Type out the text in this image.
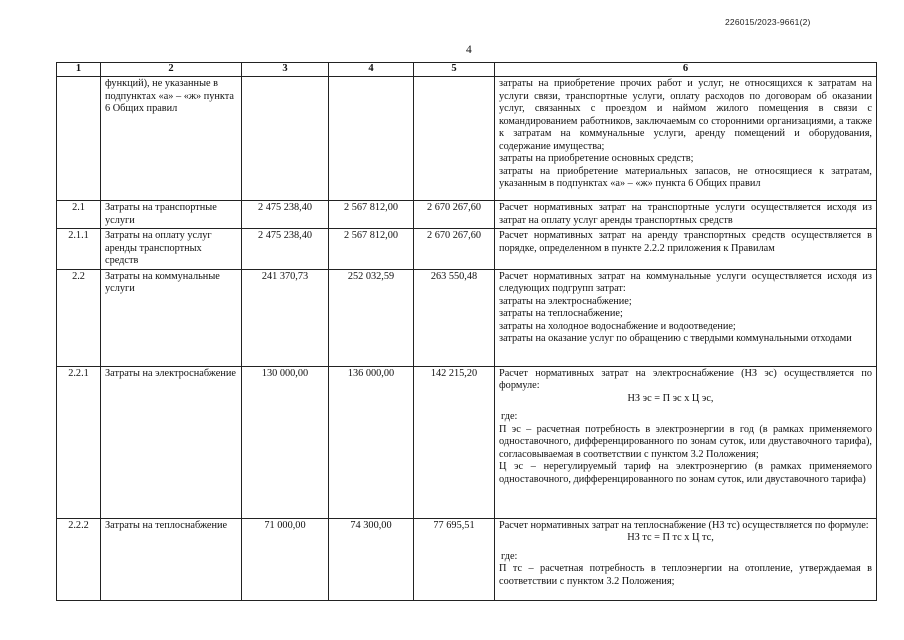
226015/2023-9661(2)
4
1	2	3	4	5	6
	функций), не указанные в подпунктах «а» – «ж» пункта 6 Общих правил				затраты на приобретение прочих работ и услуг, не относящихся к затратам на услуги связи, транспортные услуги, оплату расходов по договорам об оказании услуг, связанных с проездом и наймом жилого помещения в связи с командированием работников, заключаемым со сторонними организациями, а также к затратам на коммунальные услуги, аренду помещений и оборудования, содержание имущества;
затраты на приобретение основных средств;
затраты на приобретение материальных запасов, не относящиеся к затратам, указанным в подпунктах «а» – «ж» пункта 6 Общих правил

2.1	Затраты на транспортные услуги	2 475 238,40	2 567 812,00	2 670 267,60	Расчет нормативных затрат на транспортные услуги осуществляется исходя из затрат на оплату услуг аренды транспортных средств
2.1.1	Затраты на оплату услуг аренды транспортных средств	2 475 238,40	2 567 812,00	2 670 267,60	Расчет нормативных затрат на аренду транспортных средств осуществляется в порядке, определенном в пункте 2.2.2 приложения к Правилам
2.2	Затраты на коммунальные услуги	241 370,73	252 032,59	263 550,48	Расчет нормативных затрат на коммунальные услуги осуществляется исходя из следующих подгрупп затрат:
затраты на электроснабжение;
затраты на теплоснабжение;
затраты на холодное водоснабжение и водоотведение;
затраты на оказание услуг по обращению с твердыми коммунальными отходами

2.2.1	Затраты на электроснабжение	130 000,00	136 000,00	142 215,20	Расчет нормативных затрат на электроснабжение (НЗ эс) осуществляется по формуле:
НЗ эс = П эс х Ц эс,
где:
П эс – расчетная потребность в электроэнергии в год (в рамках применяемого одноставочного, дифференцированного по зонам суток, или двуставочного тарифа), согласовываемая в соответствии с пунктом 3.2 Положения;
Ц эс – нерегулируемый тариф на электроэнергию (в рамках применяемого одноставочного, дифференцированного по зонам суток, или двуставочного тарифа)

2.2.2	Затраты на теплоснабжение	71 000,00	74 300,00	77 695,51	Расчет нормативных затрат на теплоснабжение (НЗ тс) осуществляется по формуле:
НЗ тс = П тс х Ц тс,
где:
П тс – расчетная потребность в теплоэнергии на отопление, утверждаемая в соответствии с пунктом 3.2 Положения;
